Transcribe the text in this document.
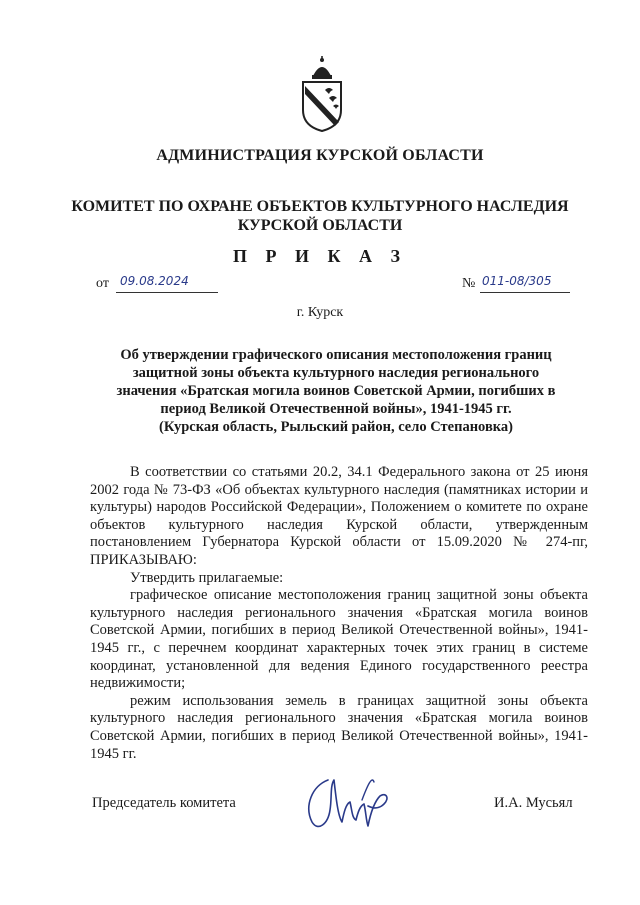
АДМИНИСТРАЦИЯ КУРСКОЙ ОБЛАСТИ
КОМИТЕТ ПО ОХРАНЕ ОБЪЕКТОВ КУЛЬТУРНОГО НАСЛЕДИЯ
КУРСКОЙ ОБЛАСТИ
П Р И К А З
от 09.08.2024	№ 011-08/305
г. Курск
Об утверждении графического описания местоположения границ
защитной зоны объекта культурного наследия регионального
значения «Братская могила воинов Советской Армии, погибших в
период Великой Отечественной войны», 1941-1945 гг.
(Курская область, Рыльский район, село Степановка)

В соответствии со статьями 20.2, 34.1 Федерального закона от 25 июня 2002 года № 73-ФЗ «Об объектах культурного наследия (памятниках истории и культуры) народов Российской Федерации», Положением о комитете по охране объектов культурного наследия Курской области, утвержденным постановлением Губернатора Курской области от 15.09.2020 № 274-пг, ПРИКАЗЫВАЮ:

Утвердить прилагаемые:

графическое описание местоположения границ защитной зоны объекта культурного наследия регионального значения «Братская могила воинов Советской Армии, погибших в период Великой Отечественной войны», 1941-1945 гг., с перечнем координат характерных точек этих границ в системе координат, установленной для ведения Единого государственного реестра недвижимости;

режим использования земель в границах защитной зоны объекта культурного наследия регионального значения «Братская могила воинов Советской Армии, погибших в период Великой Отечественной войны», 1941-1945 гг.

Председатель комитета	И.А. Мусьял
